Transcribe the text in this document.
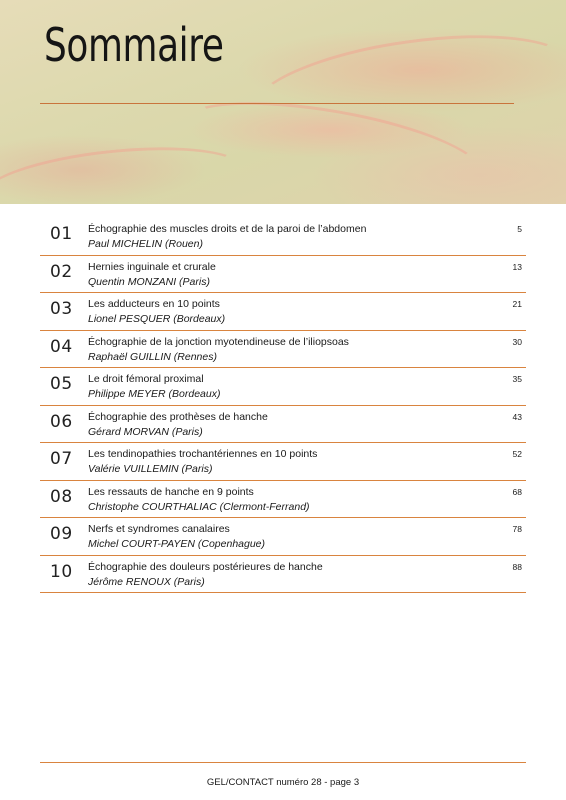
Sommaire
01 Échographie des muscles droits et de la paroi de l’abdomen
Paul MICHELIN (Rouen)
5
02 Hernies inguinale et crurale
Quentin MONZANI (Paris)
13
03 Les adducteurs en 10 points
Lionel PESQUER (Bordeaux)
21
04 Échographie de la jonction myotendineuse de l’iliopsoas
Raphaël GUILLIN (Rennes)
30
05 Le droit fémoral proximal
Philippe MEYER (Bordeaux)
35
06 Échographie des prothèses de hanche
Gérard MORVAN (Paris)
43
07 Les tendinopathies trochantériennes en 10 points
Valérie VUILLEMIN (Paris)
52
08 Les ressauts de hanche en 9 points
Christophe COURTHALIAC (Clermont-Ferrand)
68
09 Nerfs et syndromes canalaires
Michel COURT-PAYEN (Copenhague)
78
10 Échographie des douleurs postérieures de hanche
Jérôme RENOUX (Paris)
88
GEL/CONTACT numéro 28 - page 3
